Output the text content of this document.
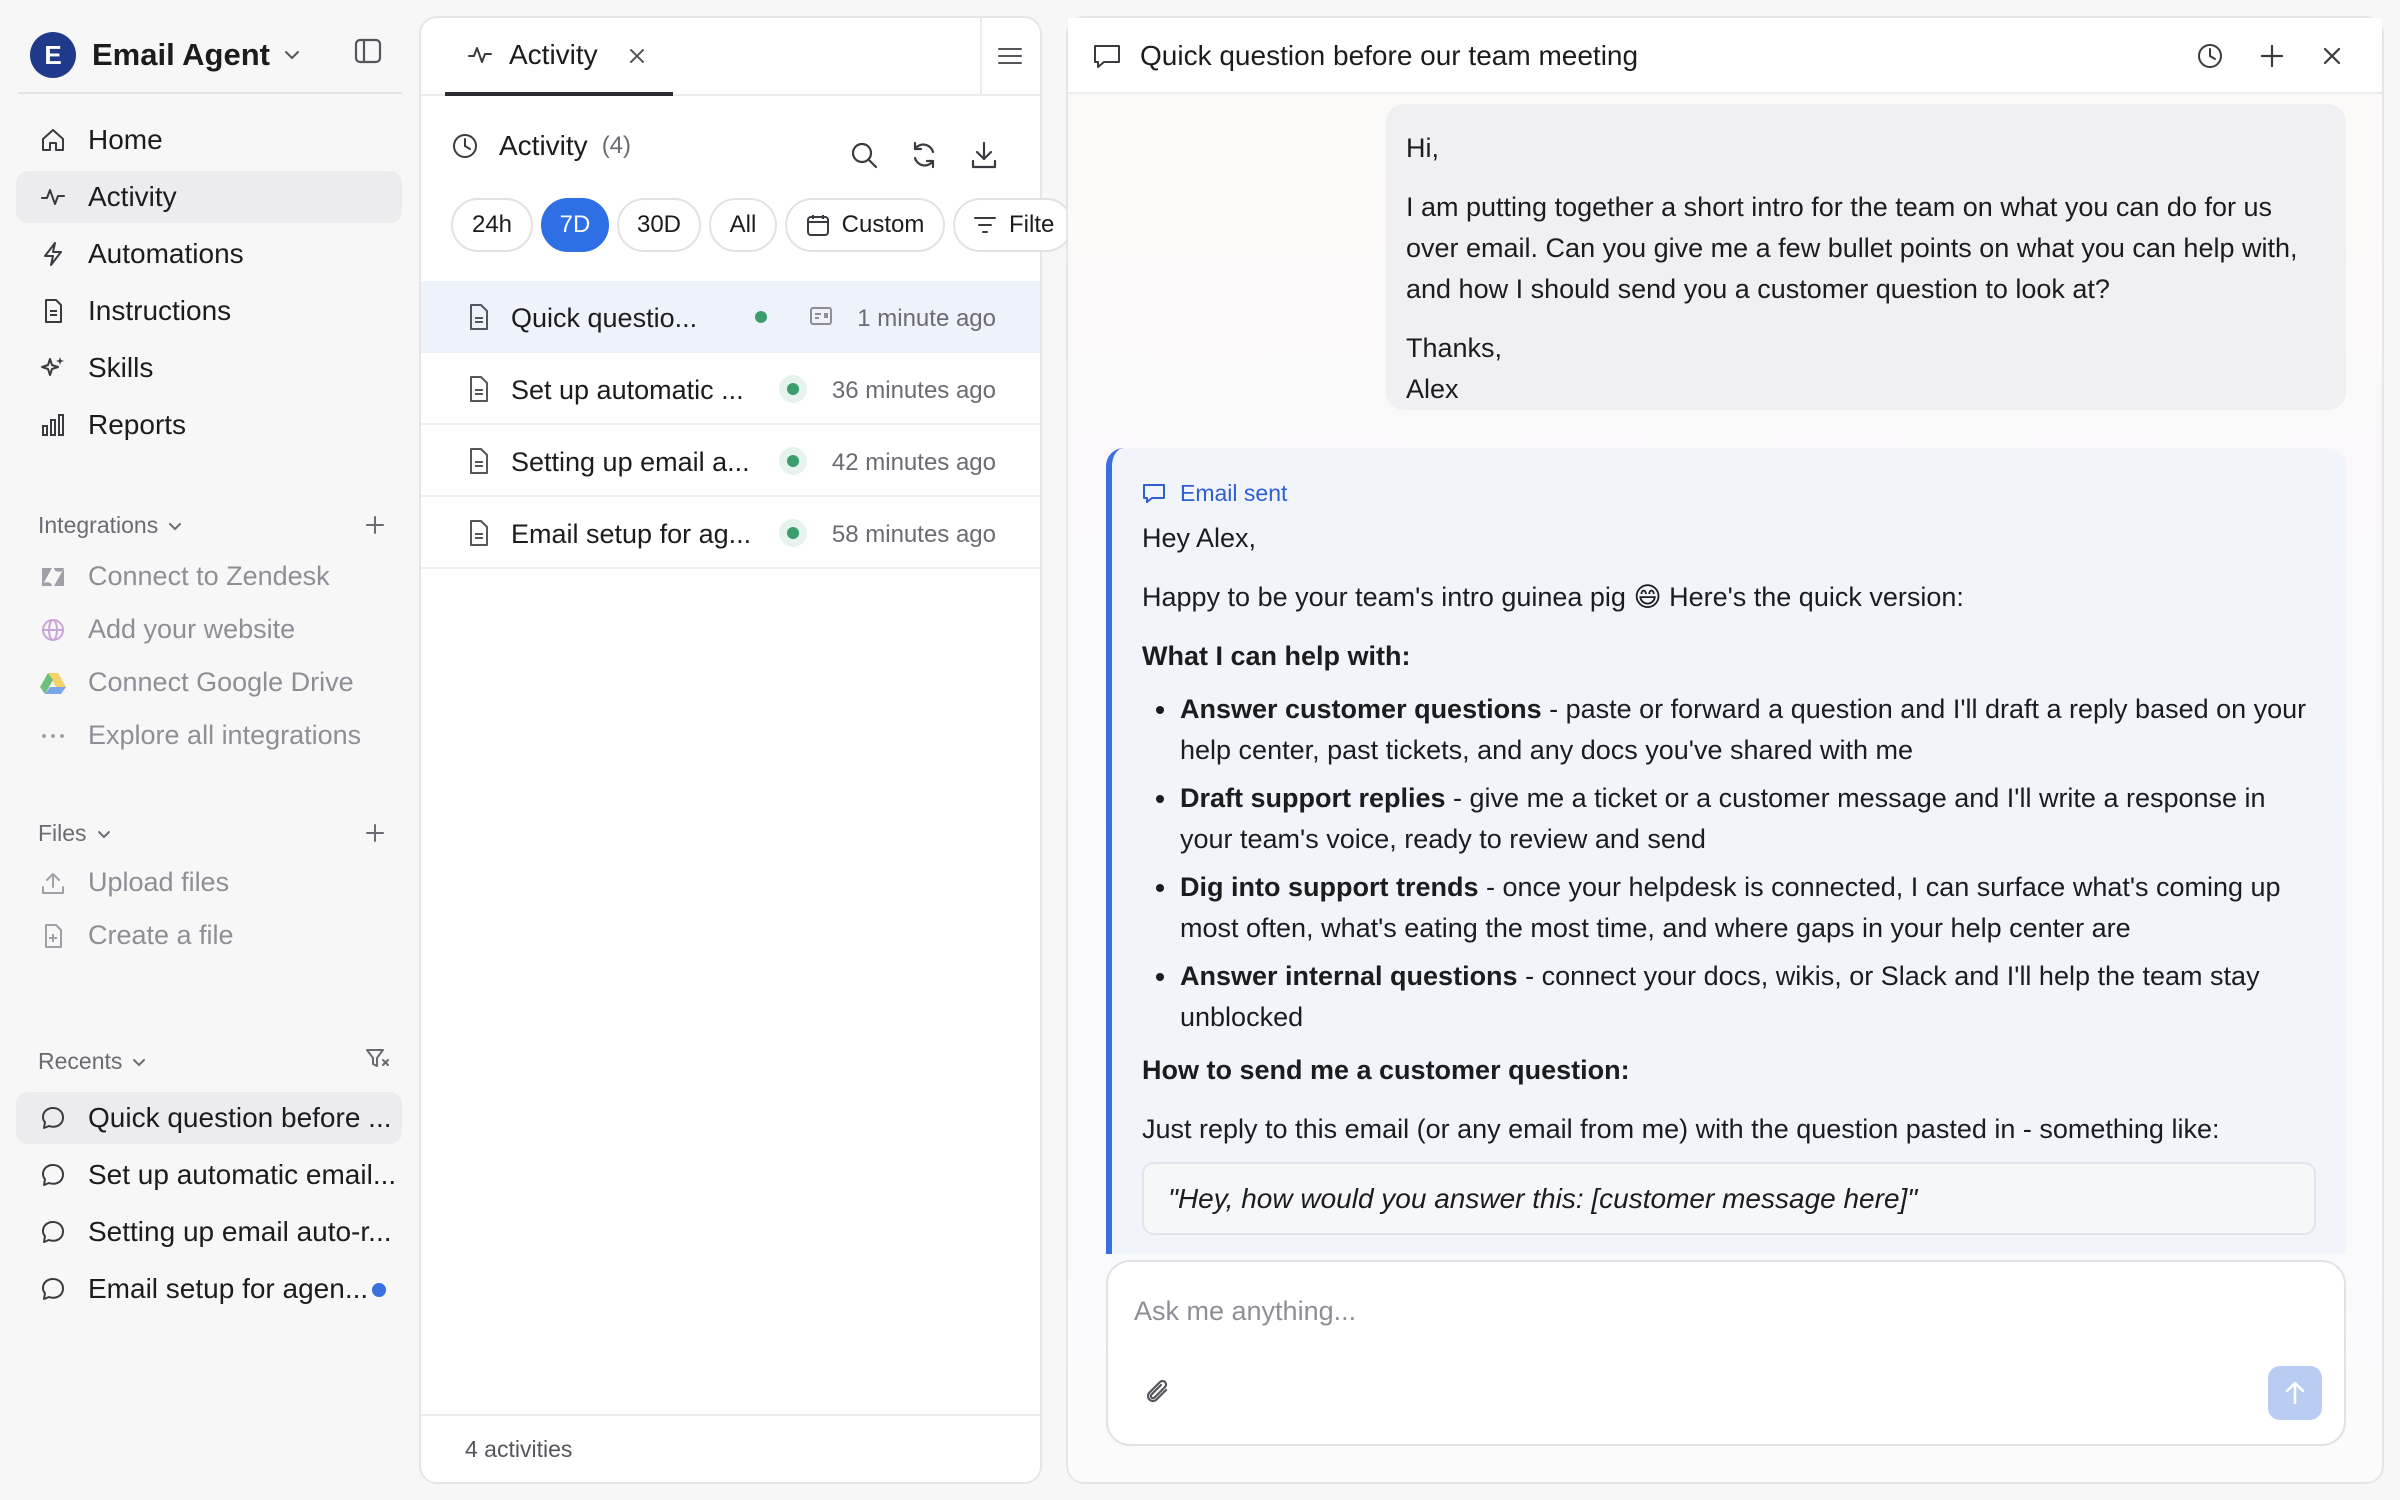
E Email Agent
Home
Activity
Automations
Instructions
Skills
Reports
Integrations
Connect to Zendesk
Add your website
Connect Google Drive
Explore all integrations
Files
Upload files
Create a file
Recents
Quick question before ...
Set up automatic email...
Setting up email auto-r...
Email setup for agen...
Activity
Activity (4)
24h	7D	30D	All	Custom	Filte
Quick questio...	1 minute ago
Set up automatic ...	36 minutes ago
Setting up email a...	42 minutes ago
Email setup for ag...	58 minutes ago
4 activities
Quick question before our team meeting

Hi,

I am putting together a short intro for the team on what you can do for us over email. Can you give me a few bullet points on what you can help with, and how I should send you a customer question to look at?

Thanks,
Alex
Email sent

Hey Alex,

Happy to be your team's intro guinea pig 😄 Here's the quick version:

What I can help with:

Answer customer questions - paste or forward a question and I'll draft a reply based on your help center, past tickets, and any docs you've shared with me
Draft support replies - give me a ticket or a customer message and I'll write a response in your team's voice, ready to review and send
Dig into support trends - once your helpdesk is connected, I can surface what's coming up most often, what's eating the most time, and where gaps in your help center are
Answer internal questions - connect your docs, wikis, or Slack and I'll help the team stay unblocked

How to send me a customer question:

Just reply to this email (or any email from me) with the question pasted in - something like:

"Hey, how would you answer this: [customer message here]"
Ask me anything...
